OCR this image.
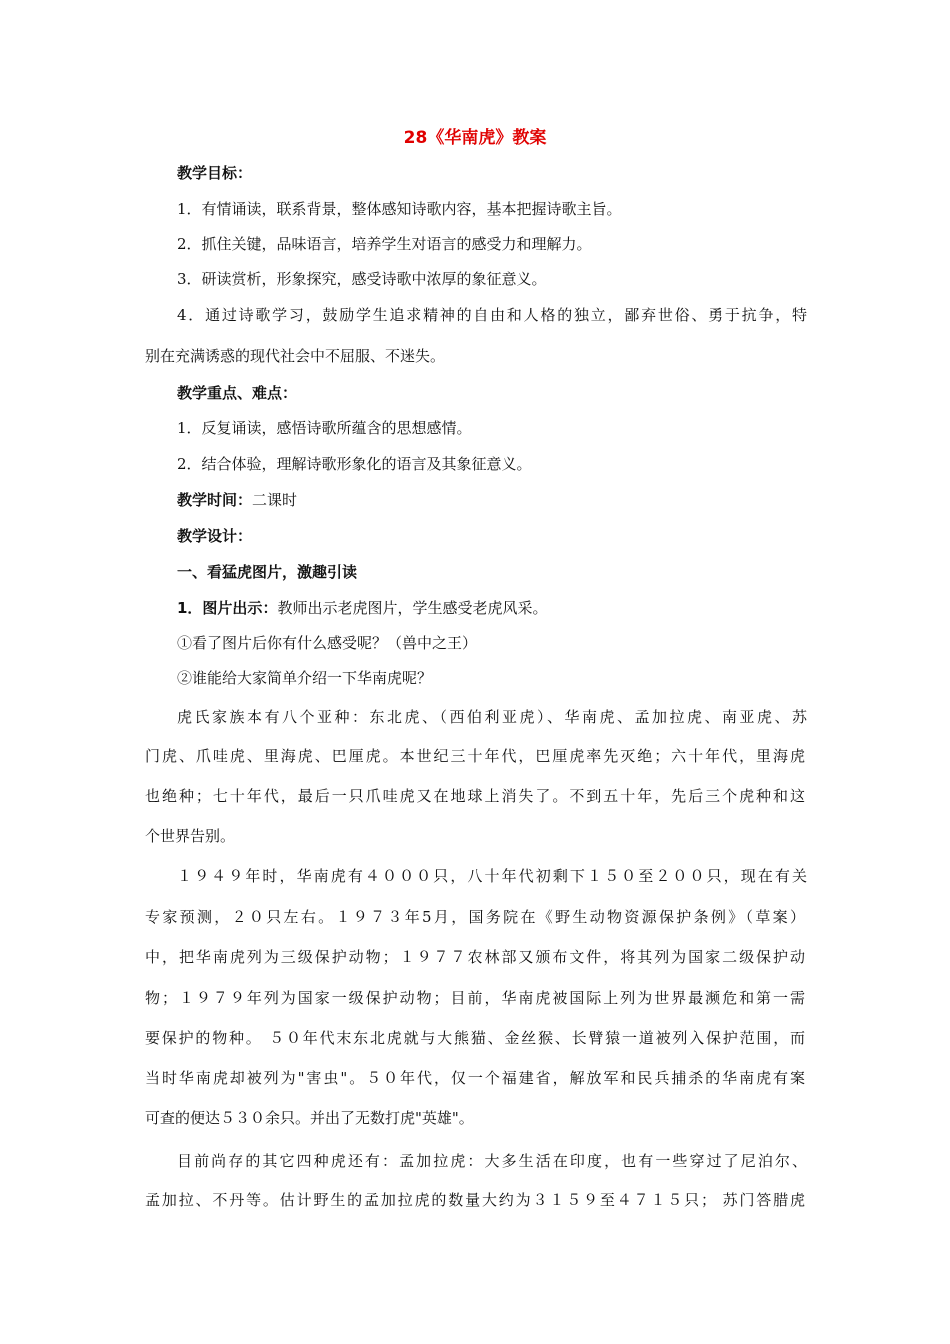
28《华南虎》教案
教学目标：
1．有情诵读，联系背景，整体感知诗歌内容，基本把握诗歌主旨。
2．抓住关键，品味语言，培养学生对语言的感受力和理解力。
3．研读赏析，形象探究，感受诗歌中浓厚的象征意义。
4．通过诗歌学习，鼓励学生追求精神的自由和人格的独立，鄙弃世俗、勇于抗争，特
别在充满诱惑的现代社会中不屈服、不迷失。
教学重点、难点：
1．反复诵读，感悟诗歌所蕴含的思想感情。
2．结合体验，理解诗歌形象化的语言及其象征意义。
教学时间：二课时
教学设计：
一、看猛虎图片，激趣引读
1．图片出示：教师出示老虎图片，学生感受老虎风采。
①看了图片后你有什么感受呢？（兽中之王）
②谁能给大家简单介绍一下华南虎呢？
虎氏家族本有八个亚种：东北虎、（西伯利亚虎）、华南虎、孟加拉虎、南亚虎、苏
门虎、爪哇虎、里海虎、巴厘虎。本世纪三十年代，巴厘虎率先灭绝；六十年代，里海虎
也绝种；七十年代，最后一只爪哇虎又在地球上消失了。不到五十年，先后三个虎种和这
个世界告别。
１９４９年时，华南虎有４０００只，八十年代初剩下１５０至２００只，现在有关
专家预测，２０只左右。１９７３年5月，国务院在《野生动物资源保护条例》（草案）
中，把华南虎列为三级保护动物；１９７７农林部又颁布文件，将其列为国家二级保护动
物；１９７９年列为国家一级保护动物；目前，华南虎被国际上列为世界最濒危和第一需
要保护的物种。 ５０年代末东北虎就与大熊猫、金丝猴、长臂猿一道被列入保护范围，而
当时华南虎却被列为"害虫"。５０年代，仅一个福建省，解放军和民兵捕杀的华南虎有案
可查的便达５３０余只。并出了无数打虎"英雄"。
目前尚存的其它四种虎还有：孟加拉虎：大多生活在印度，也有一些穿过了尼泊尔、
孟加拉、不丹等。估计野生的孟加拉虎的数量大约为３１５９至４７１５只； 苏门答腊虎
